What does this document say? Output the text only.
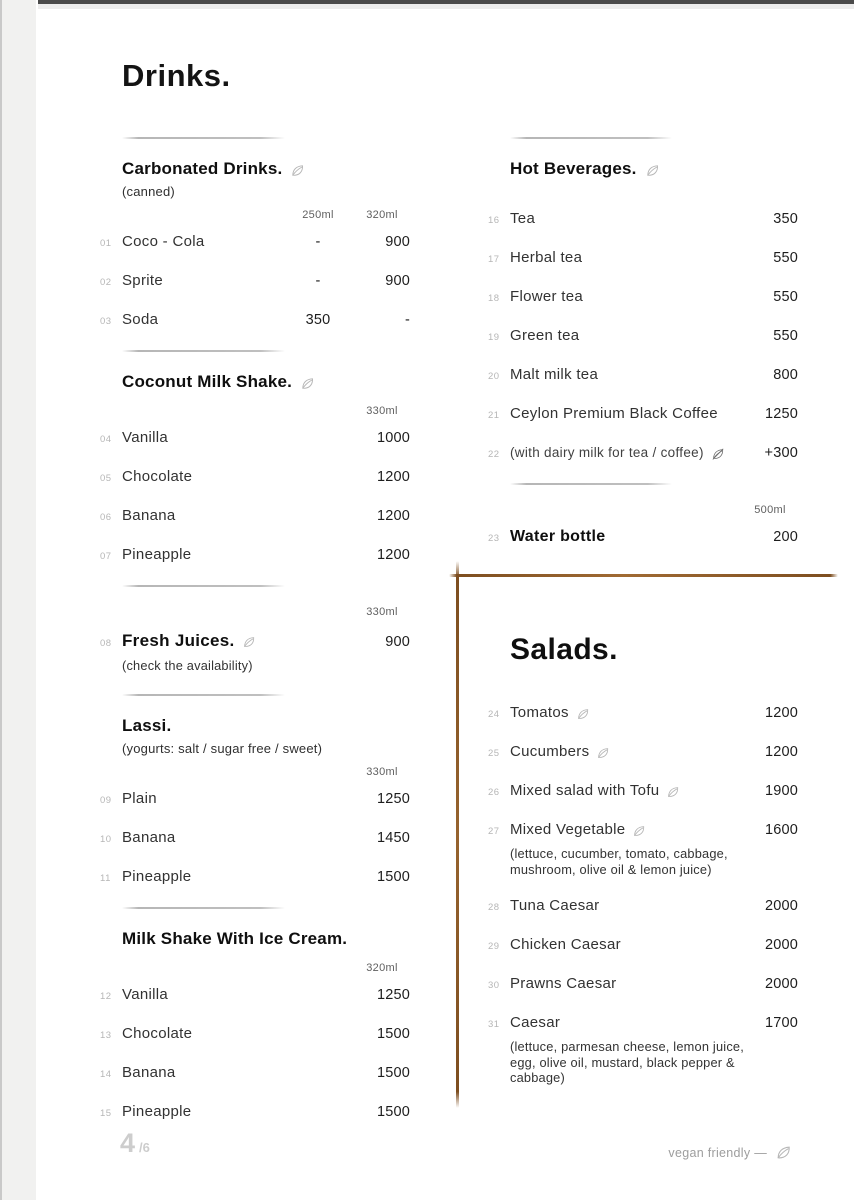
Drinks.
Carbonated Drinks.
(canned)
250ml	320ml
01 Coco - Cola	-	900
02 Sprite	-	900
03 Soda	350	-
Coconut Milk Shake.
330ml
04 Vanilla	1000
05 Chocolate	1200
06 Banana	1200
07 Pineapple	1200
330ml
08 Fresh Juices.	900
(check the availability)
Lassi.
(yogurts: salt / sugar free / sweet)
330ml
09 Plain	1250
10 Banana	1450
11 Pineapple	1500
Milk Shake With Ice Cream.
320ml
12 Vanilla	1250
13 Chocolate	1500
14 Banana	1500
15 Pineapple	1500
Hot Beverages.
16 Tea	350
17 Herbal tea	550
18 Flower tea	550
19 Green tea	550
20 Malt milk tea	800
21 Ceylon Premium Black Coffee	1250
22 (with dairy milk for tea / coffee)	+300
500ml
23 Water bottle	200
Salads.
24 Tomatos	1200
25 Cucumbers	1200
26 Mixed salad with Tofu	1900
27 Mixed Vegetable	1600
(lettuce, cucumber, tomato, cabbage, mushroom, olive oil & lemon juice)
28 Tuna Caesar	2000
29 Chicken Caesar	2000
30 Prawns Caesar	2000
31 Caesar	1700
(lettuce, parmesan cheese, lemon juice, egg, olive oil, mustard, black pepper & cabbage)
4 /6	vegan friendly —
